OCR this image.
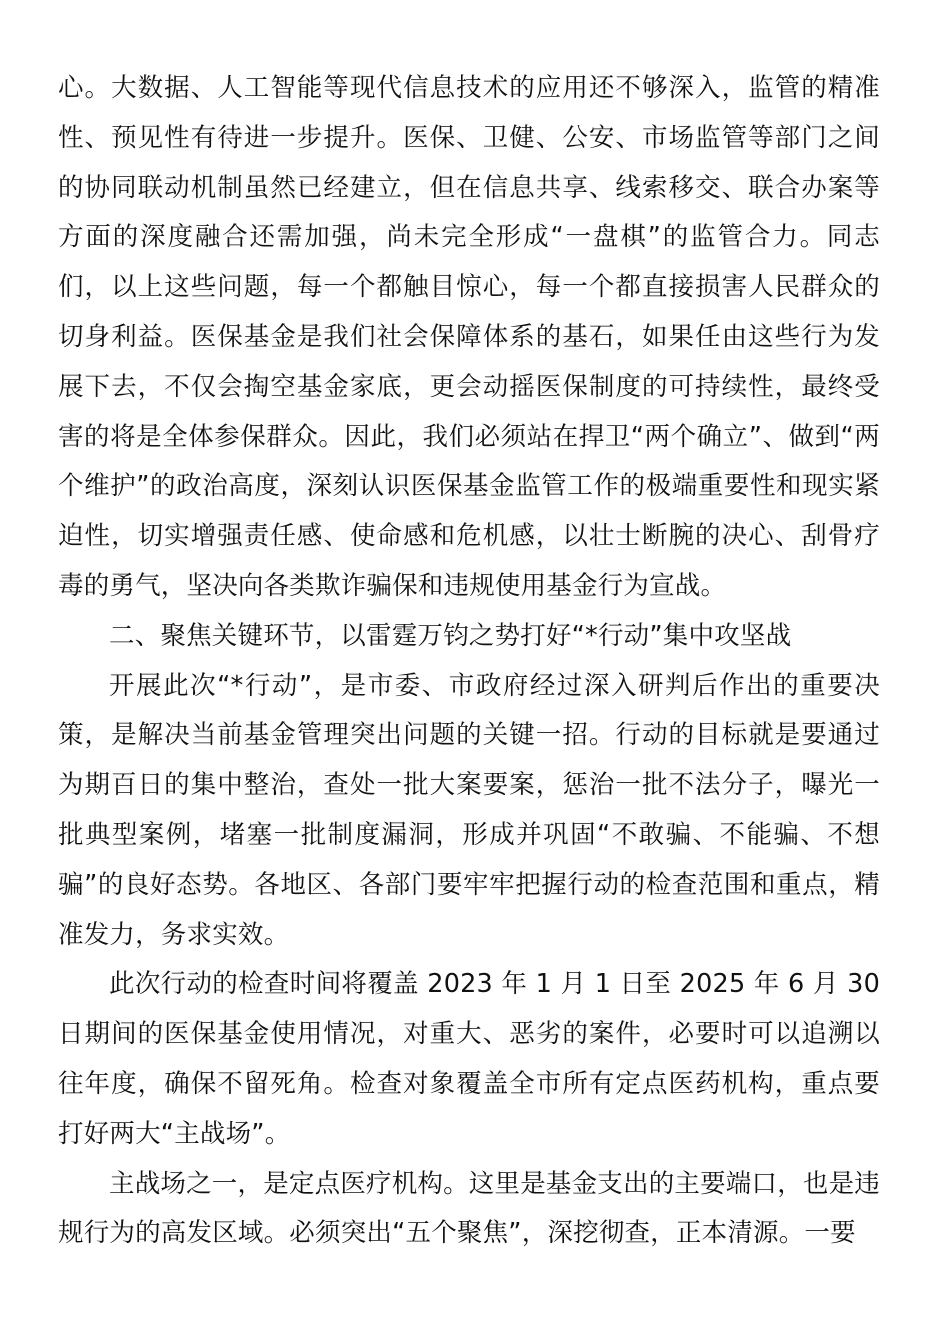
心。大数据、人工智能等现代信息技术的应用还不够深入，监管的精准性、预见性有待进一步提升。医保、卫健、公安、市场监管等部门之间的协同联动机制虽然已经建立，但在信息共享、线索移交、联合办案等方面的深度融合还需加强，尚未完全形成“一盘棋”的监管合力。同志们，以上这些问题，每一个都触目惊心，每一个都直接损害人民群众的切身利益。医保基金是我们社会保障体系的基石，如果任由这些行为发展下去，不仅会掏空基金家底，更会动摇医保制度的可持续性，最终受害的将是全体参保群众。因此，我们必须站在捍卫“两个确立”、做到“两个维护”的政治高度，深刻认识医保基金监管工作的极端重要性和现实紧迫性，切实增强责任感、使命感和危机感，以壮士断腕的决心、刮骨疗毒的勇气，坚决向各类欺诈骗保和违规使用基金行为宣战。

二、聚焦关键环节，以雷霆万钧之势打好“*行动”集中攻坚战

开展此次“*行动”，是市委、市政府经过深入研判后作出的重要决策，是解决当前基金管理突出问题的关键一招。行动的目标就是要通过为期百日的集中整治，查处一批大案要案，惩治一批不法分子，曝光一批典型案例，堵塞一批制度漏洞，形成并巩固“不敢骗、不能骗、不想骗”的良好态势。各地区、各部门要牢牢把握行动的检查范围和重点，精准发力，务求实效。

此次行动的检查时间将覆盖 2023 年 1 月 1 日至 2025 年 6 月 30 日期间的医保基金使用情况，对重大、恶劣的案件，必要时可以追溯以往年度，确保不留死角。检查对象覆盖全市所有定点医药机构，重点要打好两大“主战场”。

主战场之一，是定点医疗机构。这里是基金支出的主要端口，也是违规行为的高发区域。必须突出“五个聚焦”，深挖彻查，正本清源。一要
